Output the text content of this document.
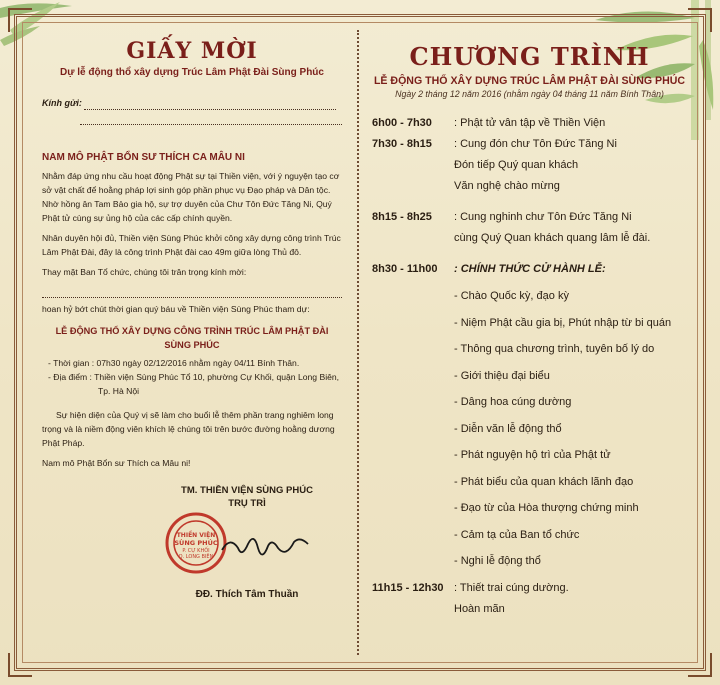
GIẤY MỜI
Dự lễ động thổ xây dựng Trúc Lâm Phật Đài Sùng Phúc
Kính gửi:
NAM MÔ PHẬT BỔN SƯ THÍCH CA MÂU NI

Nhằm đáp ứng nhu cầu hoạt động Phật sự tại Thiền viện, với ý nguyện tạo cơ sở vật chất để hoằng pháp lợi sinh góp phần phục vụ Đạo pháp và Dân tộc. Nhờ hồng ân Tam Bảo gia hộ, sự trợ duyên của Chư Tôn Đức Tăng Ni, Quý Phật tử cùng sự ủng hộ của các cấp chính quyền.

Nhân duyên hội đủ, Thiền viện Sùng Phúc khởi công xây dựng công trình Trúc Lâm Phật Đài, đây là công trình Phật đài cao 49m giữa lòng Thủ đô.

Thay mặt Ban Tổ chức, chúng tôi trân trọng kính mời:

hoan hỷ bớt chút thời gian quý báu về Thiền viện Sùng Phúc tham dự:

LỄ ĐỘNG THỔ XÂY DỰNG CÔNG TRÌNH TRÚC LÂM PHẬT ĐÀI SÙNG PHÚC
- Thời gian : 07h30 ngày 02/12/2016 nhằm ngày 04/11 Bính Thân.
- Địa điểm : Thiền viện Sùng Phúc Tổ 10, phường Cự Khối, quận Long Biên,
Tp. Hà Nội

Sự hiện diện của Quý vị sẽ làm cho buổi lễ thêm phần trang nghiêm long trọng và là niềm động viên khích lệ chúng tôi trên bước đường hoằng dương Phật Pháp.

Nam mô Phật Bổn sư Thích ca Mâu ni!

TM. THIỀN VIỆN SÙNG PHÚC
TRỤ TRÌ
ĐĐ. Thích Tâm Thuần
THIỀN VIỆN
SÙNG PHÚC
P. CỰ KHỐI
Q. LONG BIÊN
CHƯƠNG TRÌNH
LỄ ĐỘNG THỔ XÂY DỰNG TRÚC LÂM PHẬT ĐÀI SÙNG PHÚC
Ngày 2 tháng 12 năm 2016 (nhằm ngày 04 tháng 11 năm Bính Thân)
6h00 - 7h30	: Phật tử vân tập về Thiền Viện
7h30 - 8h15	: Cung đón chư Tôn Đức Tăng Ni
Đón tiếp Quý quan khách
Văn nghệ chào mừng
8h15 - 8h25	: Cung nghinh chư Tôn Đức Tăng Ni
cùng Quý Quan khách quang lâm lễ đài.
8h30 - 11h00	: CHÍNH THỨC CỬ HÀNH LỄ:
- Chào Quốc kỳ, đạo kỳ
- Niệm Phật cầu gia bị, Phút nhập từ bi quán
- Thông qua chương trình, tuyên bố lý do
- Giới thiệu đại biểu
- Dâng hoa cúng dường
- Diễn văn lễ động thổ
- Phát nguyện hộ trì của Phật tử
- Phát biểu của quan khách lãnh đạo
- Đạo từ của Hòa thượng chứng minh
- Cảm tạ của Ban tổ chức
- Nghi lễ động thổ
11h15 - 12h30 : Thiết trai cúng dường.
Hoàn mãn
